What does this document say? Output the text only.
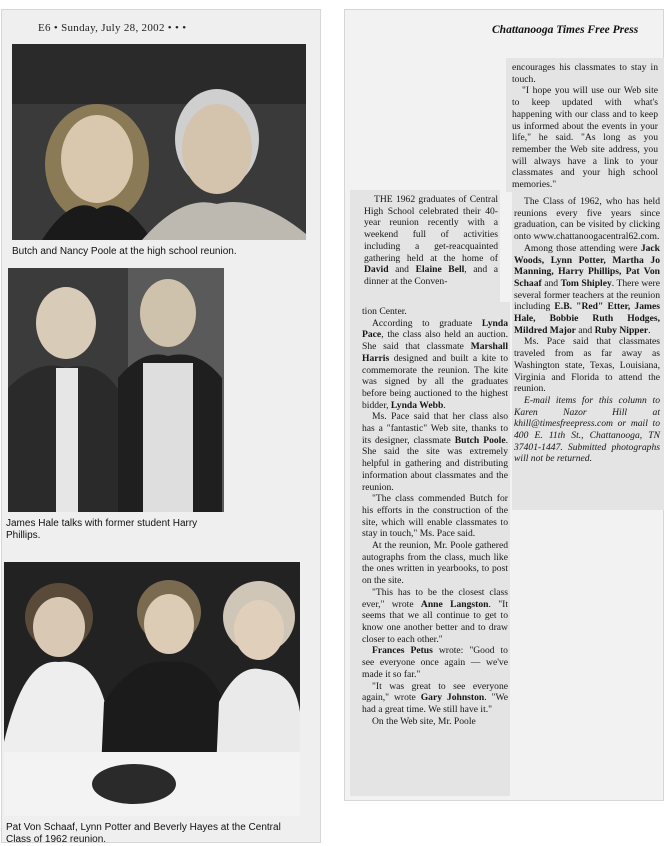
E6 • Sunday, July 28, 2002 • • •
Butch and Nancy Poole at the high school reunion.
James Hale talks with former student Harry Phillips.
Pat Von Schaaf, Lynn Potter and Beverly Hayes at the Central Class of 1962 reunion.
Chattanooga Times Free Press

THE 1962 graduates of Central High School celebrated their 40-year reunion recently with a weekend full of activities including a get-reacquainted gathering held at the home of David and Elaine Bell, and a dinner at the Conven-

tion Center.

According to graduate Lynda Pace, the class also held an auction. She said that classmate Marshall Harris designed and built a kite to commemorate the reunion. The kite was signed by all the graduates before being auctioned to the highest bidder, Lynda Webb.

Ms. Pace said that her class also has a "fantastic" Web site, thanks to its designer, classmate Butch Poole. She said the site was extremely helpful in gathering and distributing information about classmates and the reunion.

"The class commended Butch for his efforts in the construction of the site, which will enable classmates to stay in touch," Ms. Pace said.

At the reunion, Mr. Poole gathered autographs from the class, much like the ones written in yearbooks, to post on the site.

"This has to be the closest class ever," wrote Anne Langston. "It seems that we all continue to get to know one another better and to draw closer to each other."

Frances Petus wrote: "Good to see everyone once again — we've made it so far."

"It was great to see everyone again," wrote Gary Johnston. "We had a great time. We still have it."

On the Web site, Mr. Poole

encourages his classmates to stay in touch.

"I hope you will use our Web site to keep updated with what's happening with our class and to keep us informed about the events in your life," he said. "As long as you remember the Web site address, you will always have a link to your classmates and your high school memories."

The Class of 1962, who has held reunions every five years since graduation, can be visited by clicking onto www.chattanoogacentral62.com.

Among those attending were Jack Woods, Lynn Potter, Martha Jo Manning, Harry Phillips, Pat Von Schaaf and Tom Shipley. There were several former teachers at the reunion including E.B. "Red" Etter, James Hale, Bobbie Ruth Hodges, Mildred Major and Ruby Nipper.

Ms. Pace said that classmates traveled from as far away as Washington state, Texas, Louisiana, Virginia and Florida to attend the reunion.

E-mail items for this column to Karen Nazor Hill at khill@timesfreepress.com or mail to 400 E. 11th St., Chattanooga, TN 37401-1447. Submitted photographs will not be returned.
